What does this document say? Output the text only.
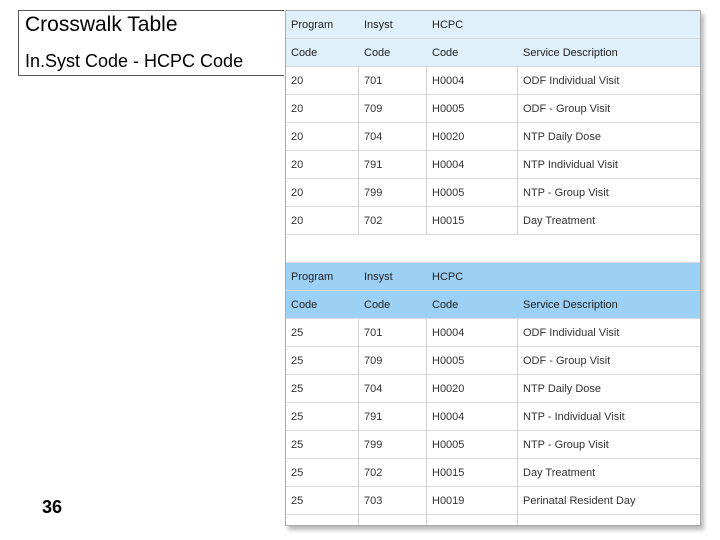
Crosswalk Table
In.Syst Code - HCPC Code
36
Program	Insyst	HCPC
Code	Code	Code	Service Description
20	701	H0004	ODF Individual Visit
20	709	H0005	ODF - Group Visit
20	704	H0020	NTP Daily Dose
20	791	H0004	NTP Individual Visit
20	799	H0005	NTP - Group Visit
20	702	H0015	Day Treatment
Program	Insyst	HCPC
Code	Code	Code	Service Description
25	701	H0004	ODF Individual Visit
25	709	H0005	ODF - Group Visit
25	704	H0020	NTP Daily Dose
25	791	H0004	NTP - Individual Visit
25	799	H0005	NTP - Group Visit
25	702	H0015	Day Treatment
25	703	H0019	Perinatal Resident Day
